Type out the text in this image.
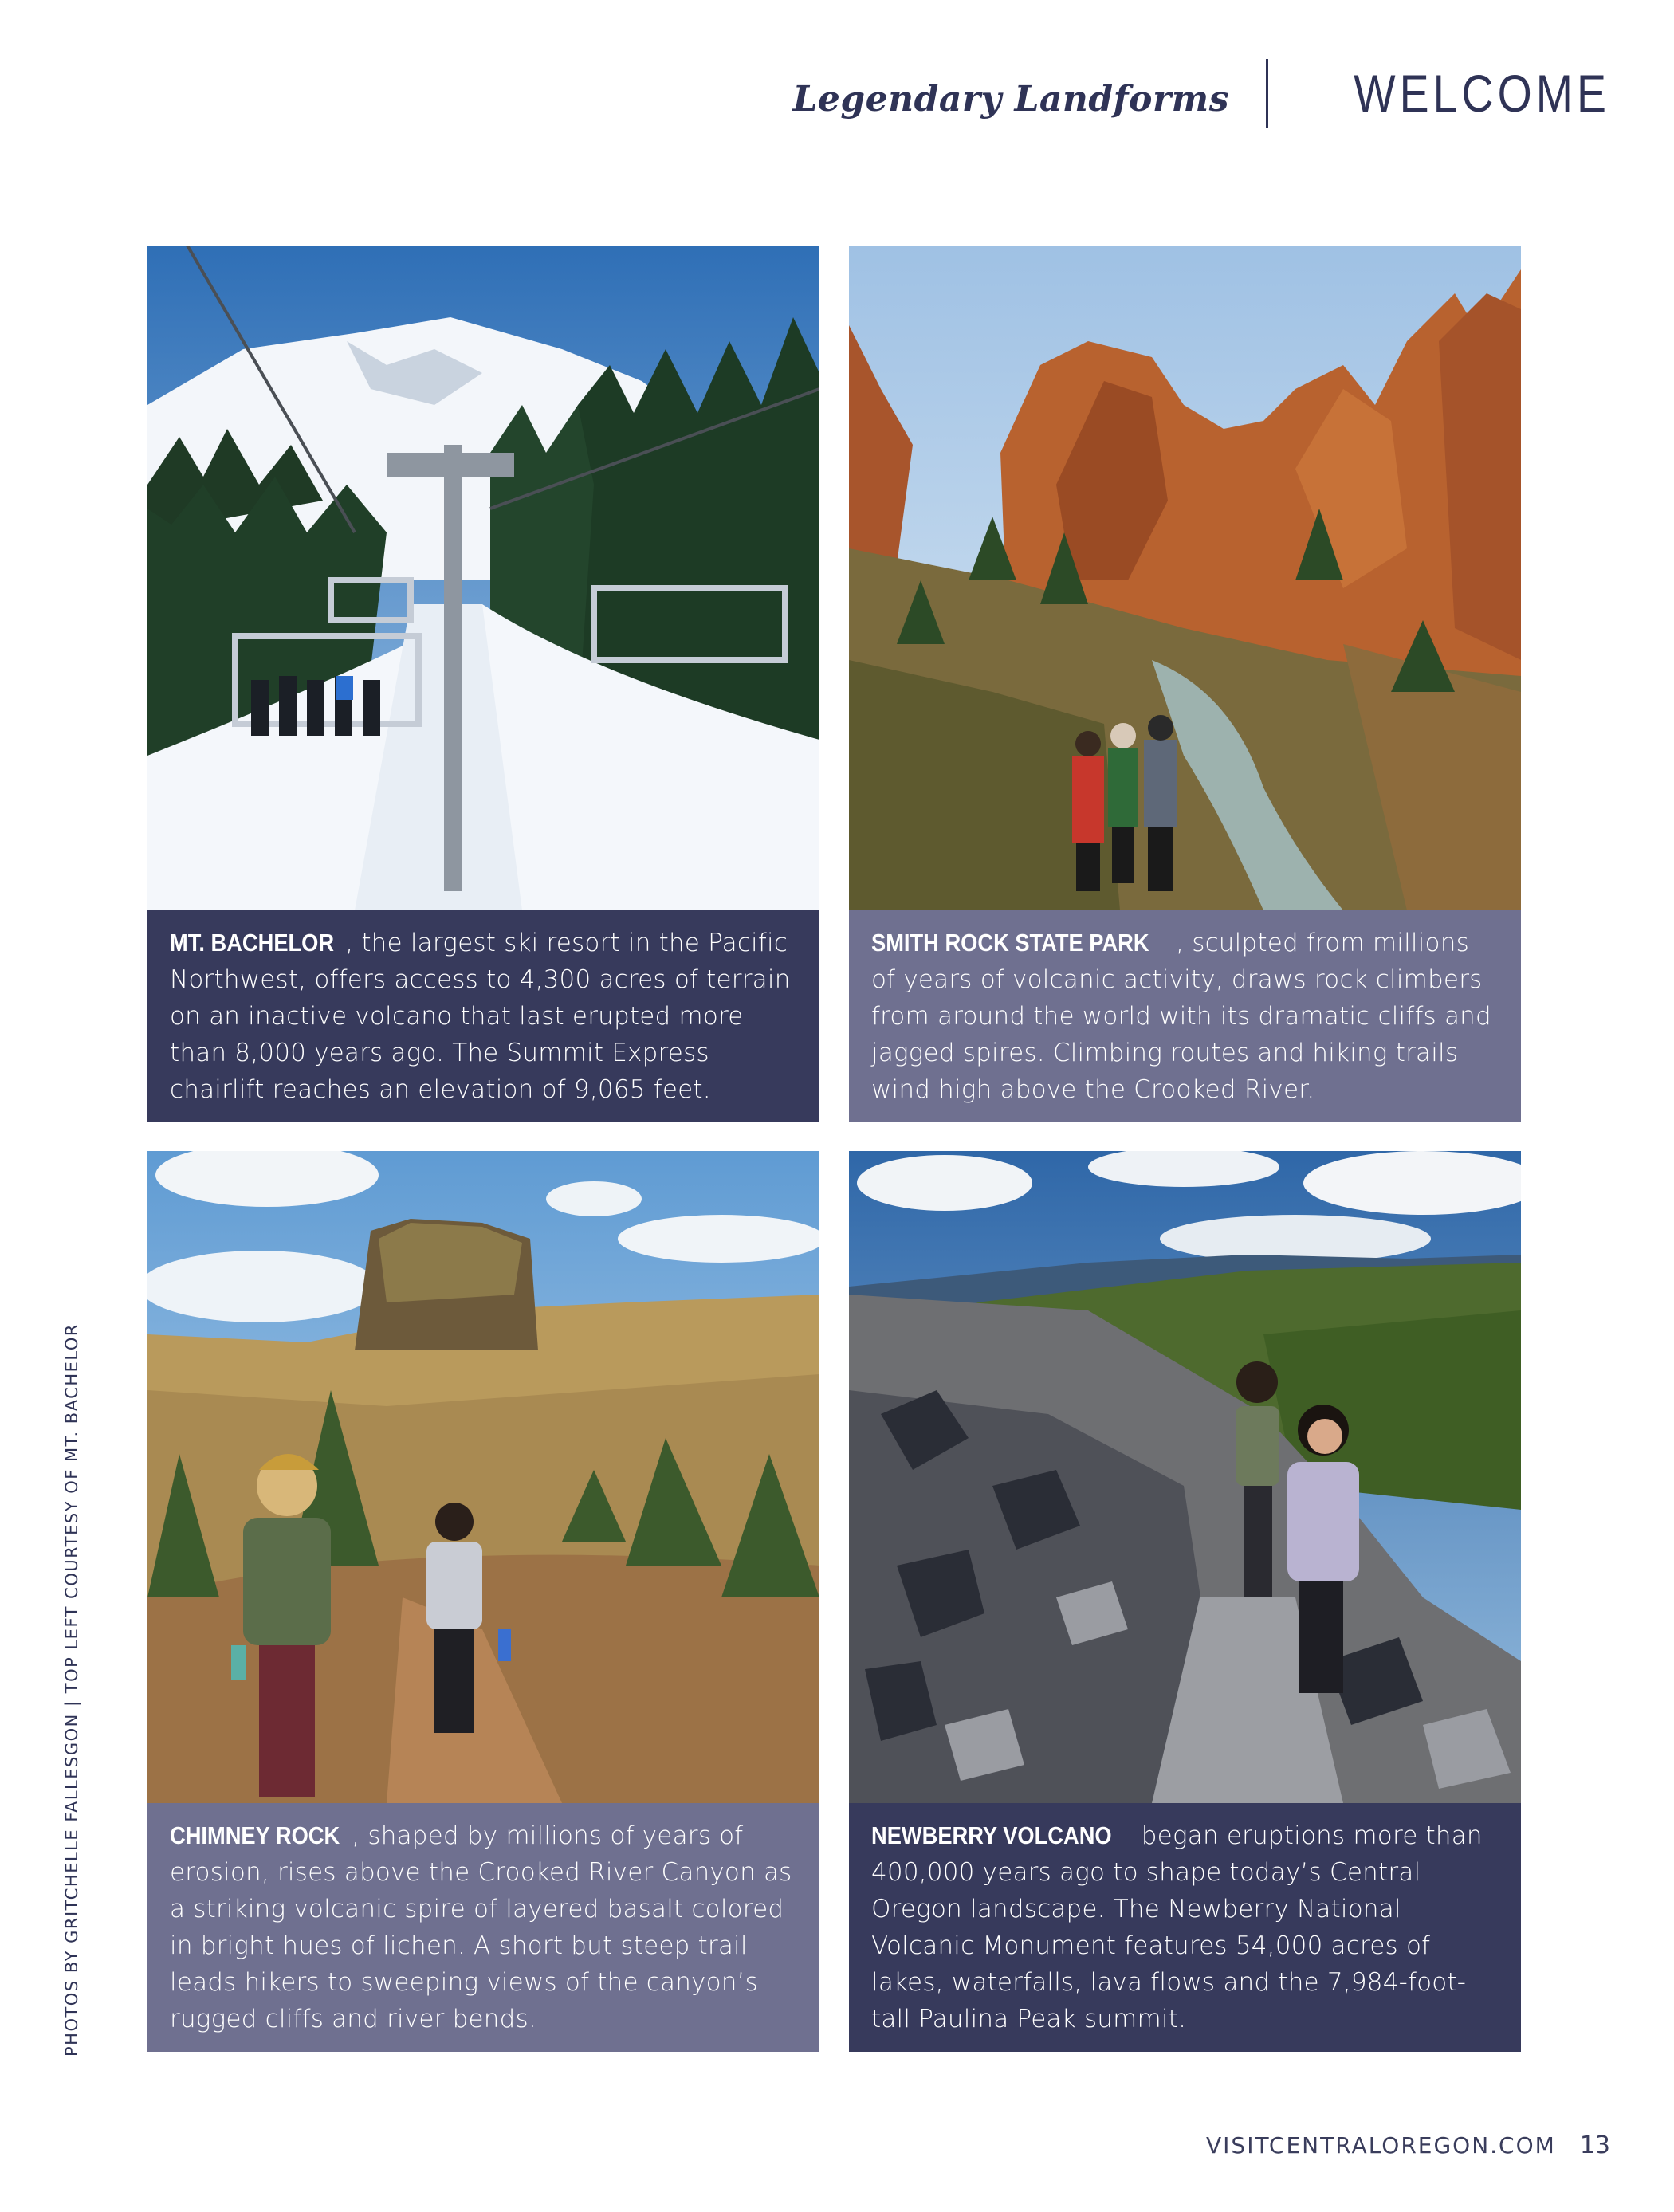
Legendary Landforms WELCOME
MT. BACHELOR , the largest ski resort in the Pacific Northwest, offers access to 4,300 acres of terrain on an inactive volcano that last erupted more than 8,000 years ago. The Summit Express chairlift reaches an elevation of 9,065 feet.
SMITH ROCK STATE PARK , sculpted from millions of years of volcanic activity, draws rock climbers from around the world with its dramatic cliffs and jagged spires. Climbing routes and hiking trails wind high above the Crooked River.
CHIMNEY ROCK , shaped by millions of years of erosion, rises above the Crooked River Canyon as a striking volcanic spire of layered basalt colored in bright hues of lichen. A short but steep trail leads hikers to sweeping views of the canyon’s rugged cliffs and river bends.
NEWBERRY VOLCANO began eruptions more than 400,000 years ago to shape today’s Central Oregon landscape. The Newberry National Volcanic Monument features 54,000 acres of lakes, waterfalls, lava flows and the 7,984-foot-tall Paulina Peak summit.
PHOTOS BY GRITCHELLE FALLESGON | TOP LEFT COURTESY OF MT. BACHELOR
VISITCENTRALOREGON.COM 13
